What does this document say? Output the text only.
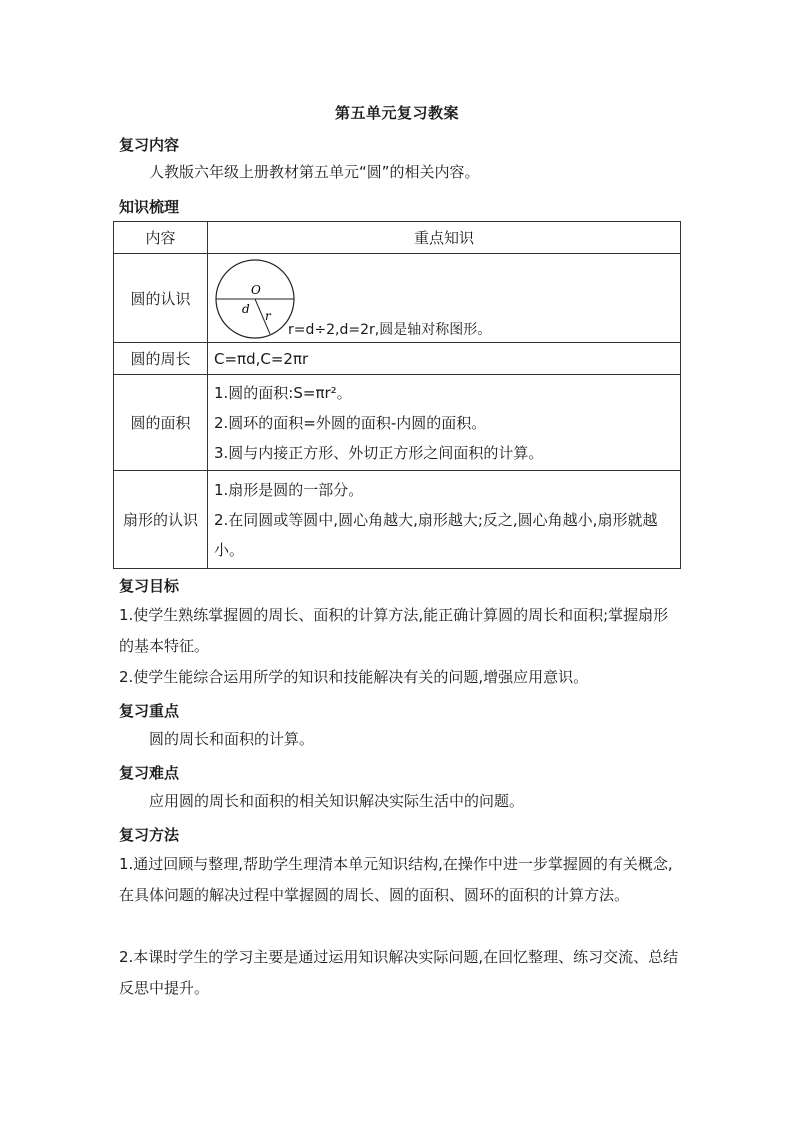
第五单元复习教案
复习内容
人教版六年级上册教材第五单元“圆”的相关内容。
知识梳理
内容	重点知识
圆的认识	O
d r
r=d÷2,d=2r,圆是轴对称图形。

圆的周长	C=πd,C=2πr

圆的面积	1.圆的面积:S=πr²。
2.圆环的面积=外圆的面积-内圆的面积。
3.圆与内接正方形、外切正方形之间面积的计算。

扇形的认识	1.扇形是圆的一部分。
2.在同圆或等圆中,圆心角越大,扇形越大;反之,圆心角越小,扇形就越小。
复习目标
1.使学生熟练掌握圆的周长、面积的计算方法,能正确计算圆的周长和面积;掌握扇形的基本特征。
2.使学生能综合运用所学的知识和技能解决有关的问题,增强应用意识。
复习重点
圆的周长和面积的计算。
复习难点
应用圆的周长和面积的相关知识解决实际生活中的问题。
复习方法
1.通过回顾与整理,帮助学生理清本单元知识结构,在操作中进一步掌握圆的有关概念,在具体问题的解决过程中掌握圆的周长、圆的面积、圆环的面积的计算方法。
2.本课时学生的学习主要是通过运用知识解决实际问题,在回忆整理、练习交流、总结反思中提升。
